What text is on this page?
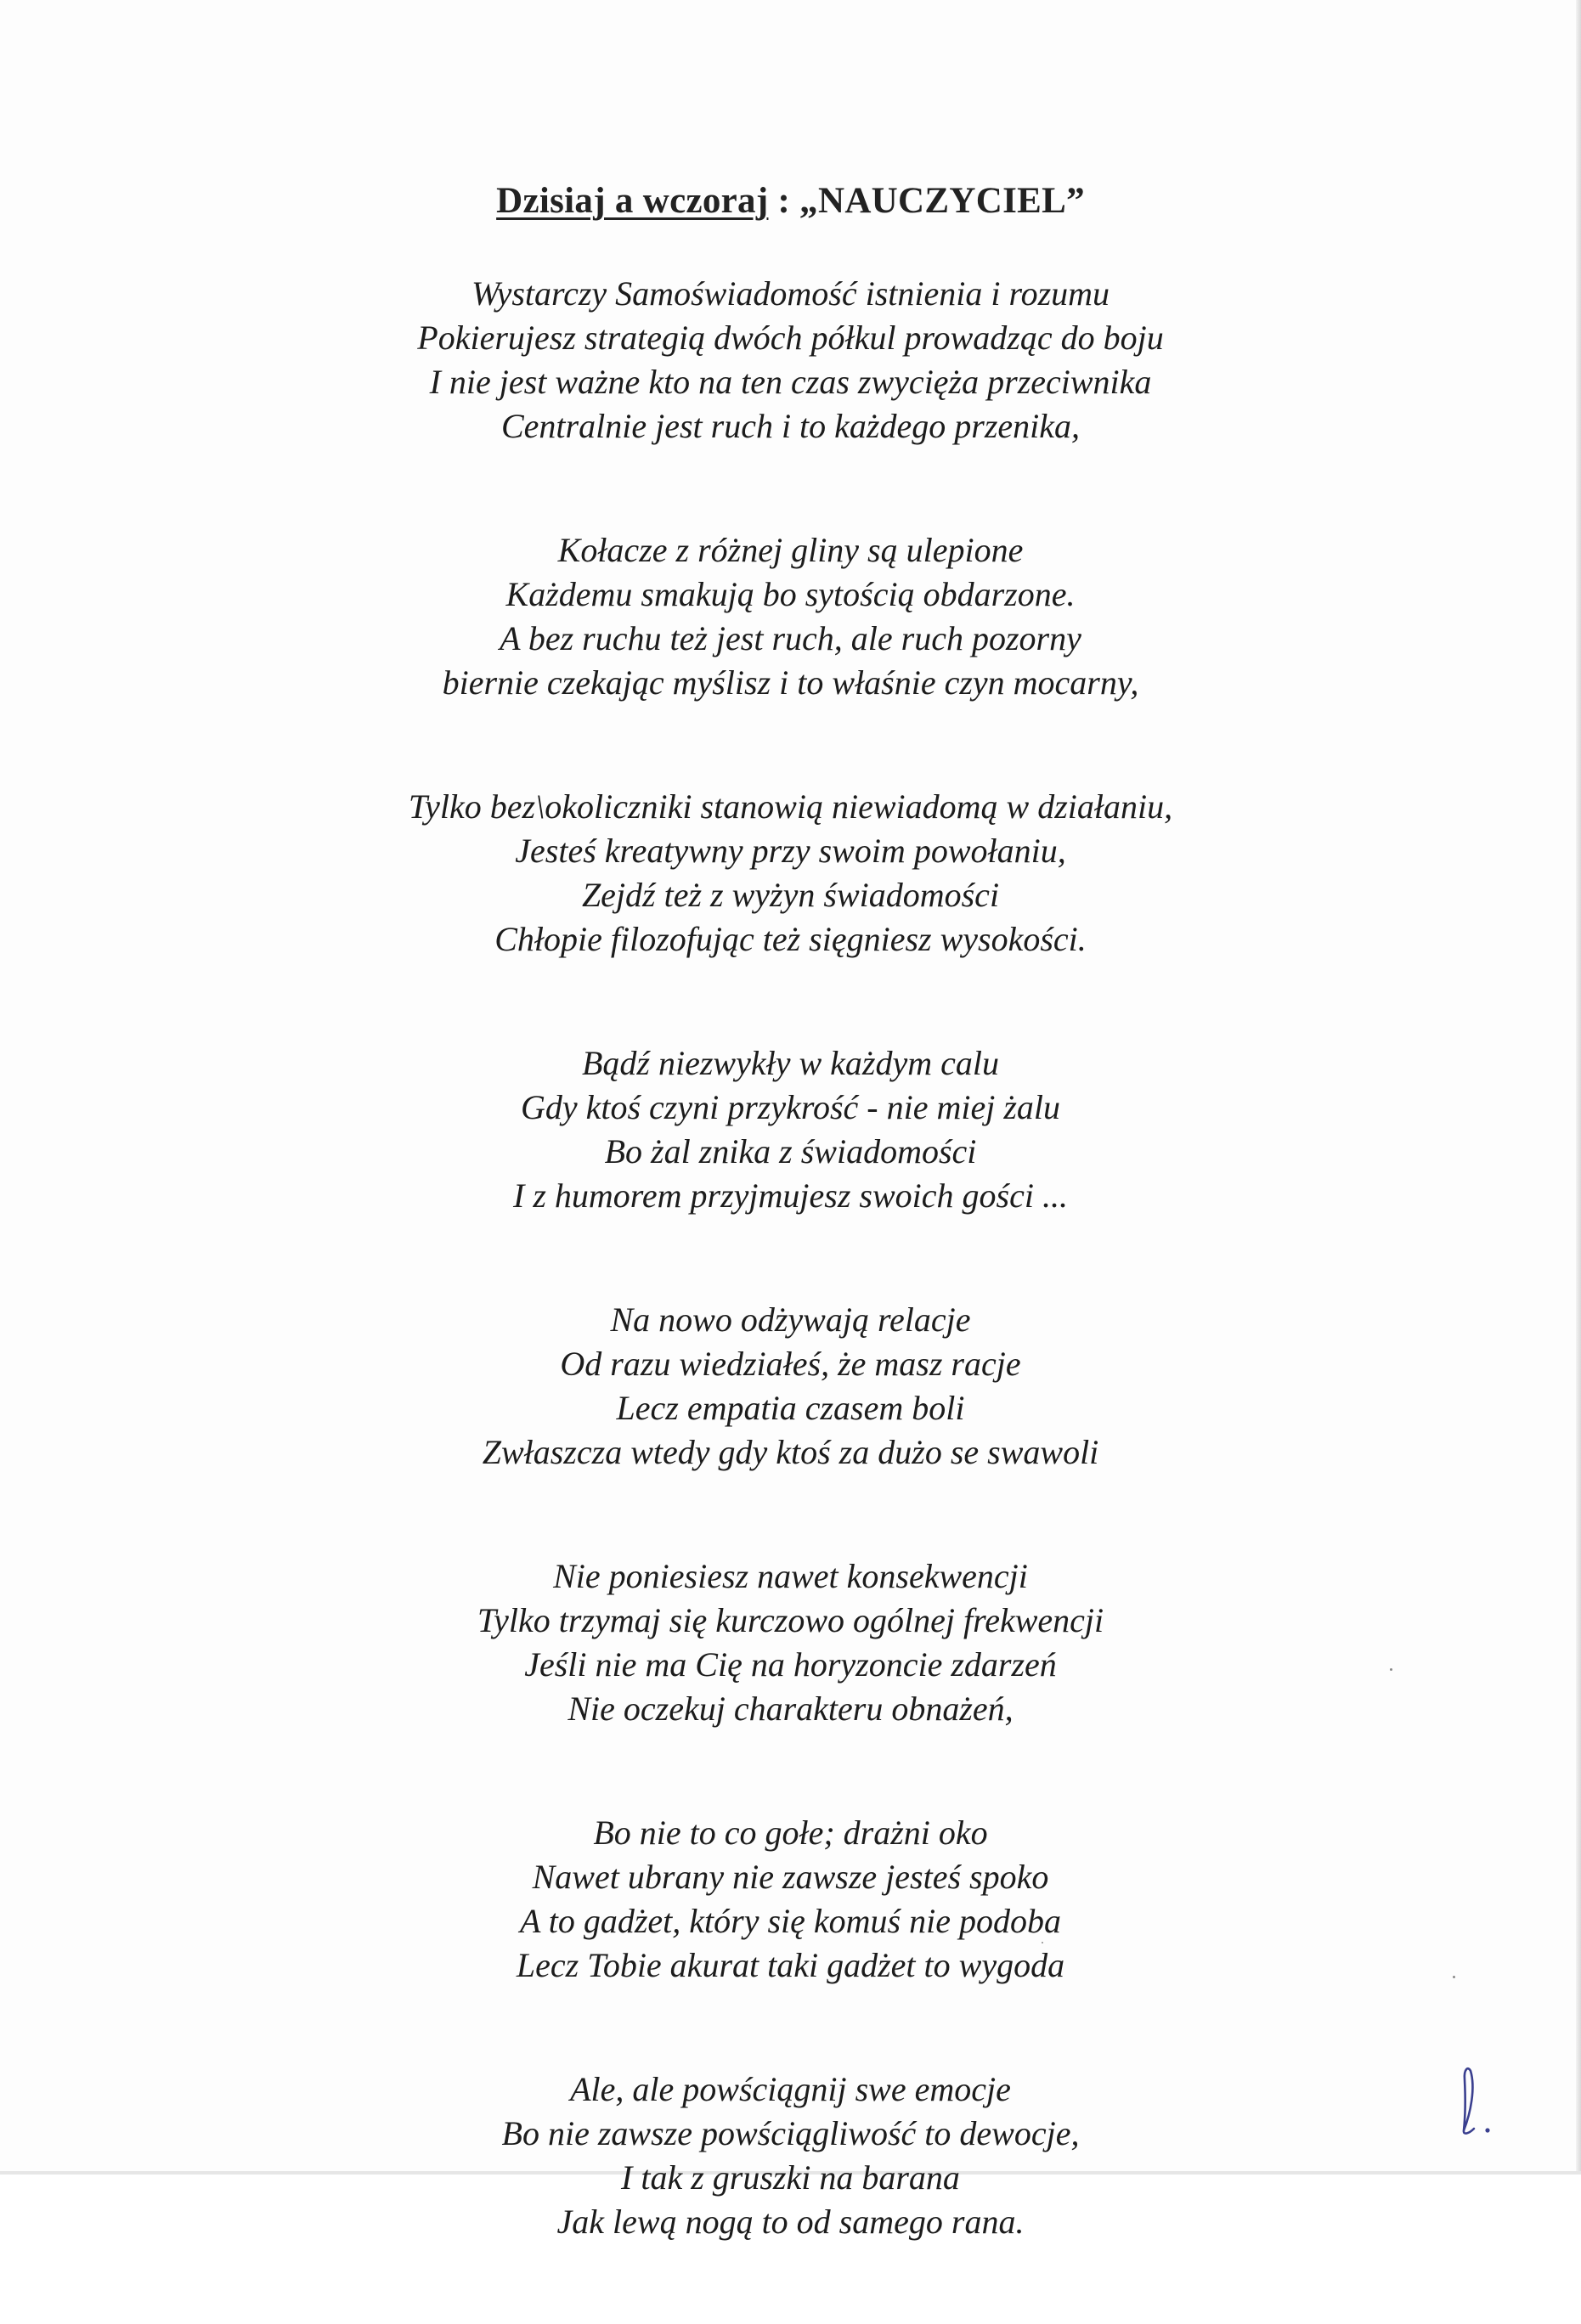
Dzisiaj a wczoraj : „NAUCZYCIEL”
Wystarczy Samoświadomość istnienia i rozumu
Pokierujesz strategią dwóch półkul prowadząc do boju
I nie jest ważne kto na ten czas zwycięża przeciwnika
Centralnie jest ruch i to każdego przenika,
Kołacze z różnej gliny są ulepione
Każdemu smakują bo sytością obdarzone.
A bez ruchu też jest ruch, ale ruch pozorny
biernie czekając myślisz i to właśnie czyn mocarny,
Tylko bez\okoliczniki stanowią niewiadomą w działaniu,
Jesteś kreatywny przy swoim powołaniu,
Zejdź też z wyżyn świadomości
Chłopie filozofując też sięgniesz wysokości.
Bądź niezwykły w każdym calu
Gdy ktoś czyni przykrość - nie miej żalu
Bo żal znika z świadomości
I z humorem przyjmujesz swoich gości ...
Na nowo odżywają relacje
Od razu wiedziałeś, że masz racje
Lecz empatia czasem boli
Zwłaszcza wtedy gdy ktoś za dużo se swawoli
Nie poniesiesz nawet konsekwencji
Tylko trzymaj się kurczowo ogólnej frekwencji
Jeśli nie ma Cię na horyzoncie zdarzeń
Nie oczekuj charakteru obnażeń,
Bo nie to co gołe; drażni oko
Nawet ubrany nie zawsze jesteś spoko
A to gadżet, który się komuś nie podoba
Lecz Tobie akurat taki gadżet to wygoda
Ale, ale powściągnij swe emocje
Bo nie zawsze powściągliwość to dewocje,
I tak z gruszki na barana
Jak lewą nogą to od samego rana.
